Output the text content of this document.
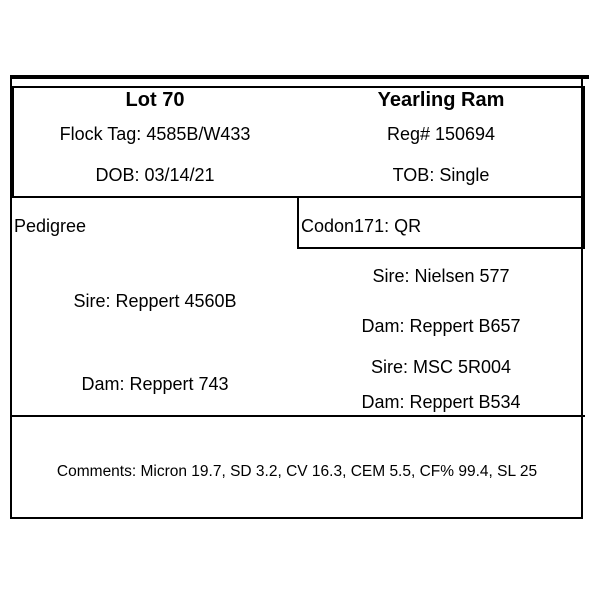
Lot 70	Yearling Ram
Flock Tag: 4585B/W433	Reg# 150694
DOB: 03/14/21	TOB: Single
Pedigree	Codon171: QR
Sire: Reppert 4560B
Dam: Reppert 743
Sire: Nielsen 577
Dam: Reppert B657
Sire: MSC 5R004
Dam: Reppert B534
Comments: Micron 19.7, SD 3.2, CV 16.3, CEM 5.5, CF% 99.4, SL 25
